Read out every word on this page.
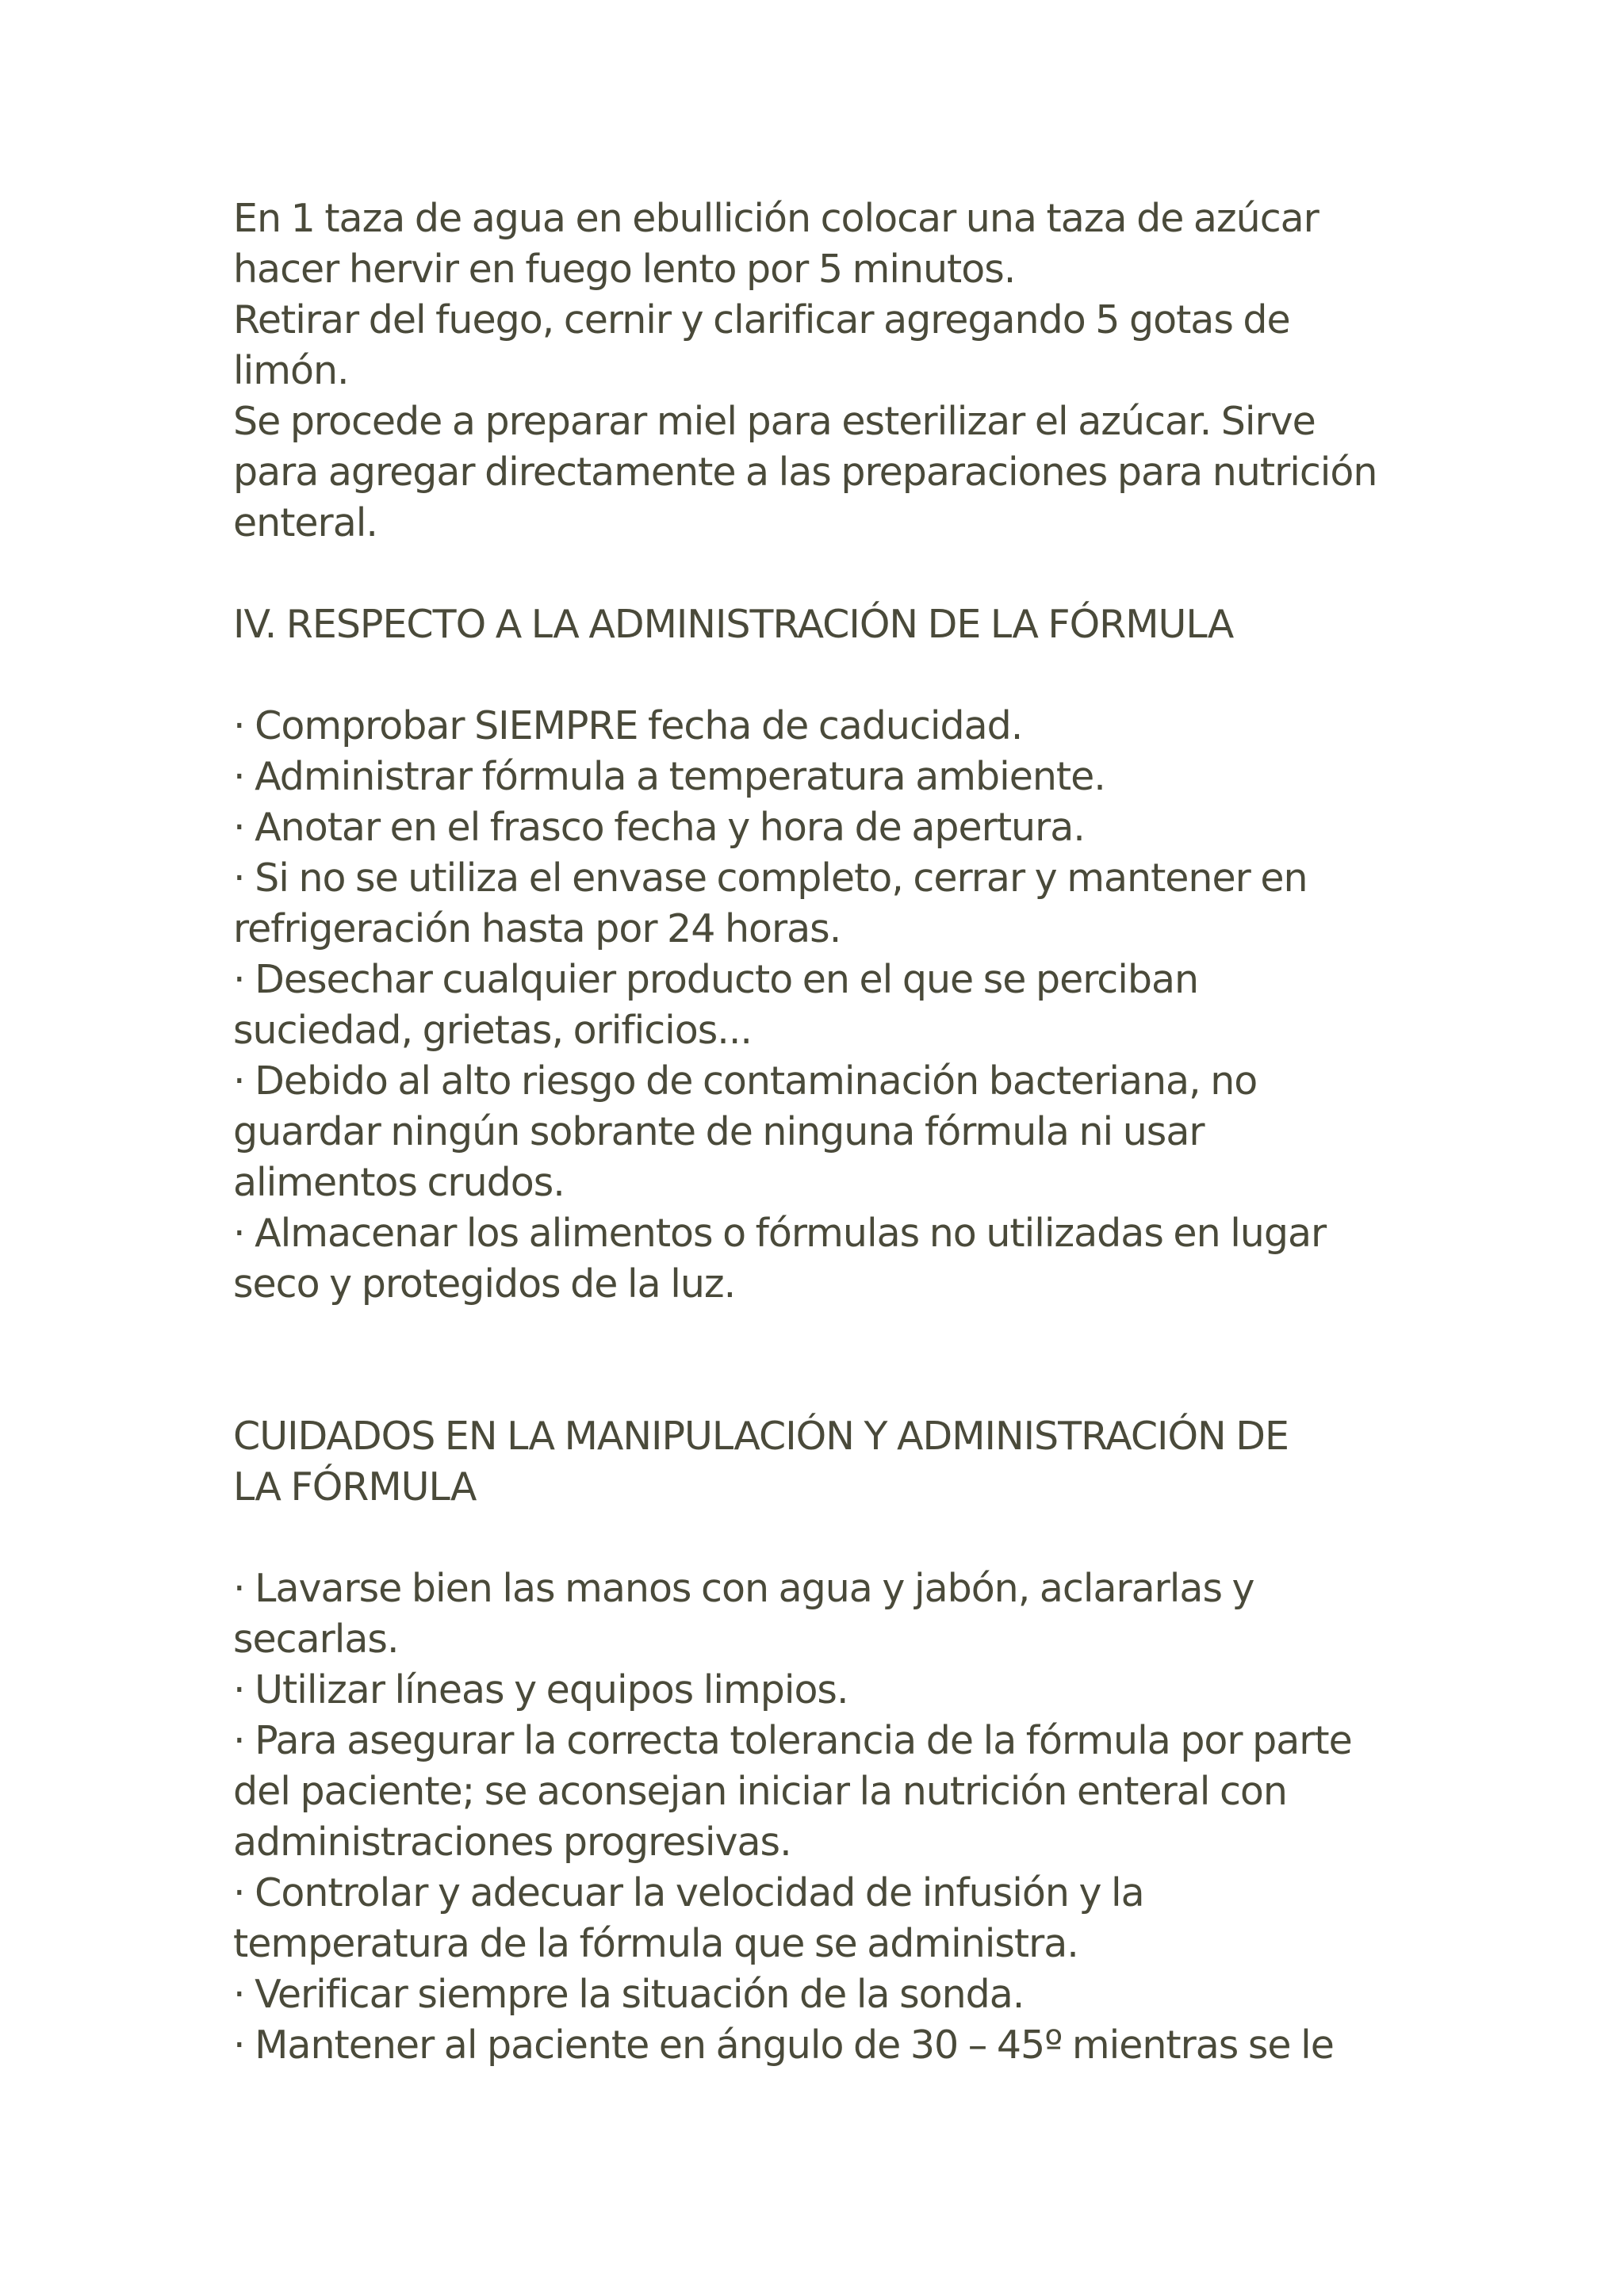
En 1 taza de agua en ebullición colocar una taza de azúcar
hacer hervir en fuego lento por 5 minutos.
Retirar del fuego, cernir y clarificar agregando 5 gotas de
limón.
Se procede a preparar miel para esterilizar el azúcar. Sirve
para agregar directamente a las preparaciones para nutrición
enteral.
IV. RESPECTO A LA ADMINISTRACIÓN DE LA FÓRMULA
· Comprobar SIEMPRE fecha de caducidad.
· Administrar fórmula a temperatura ambiente.
· Anotar en el frasco fecha y hora de apertura.
· Si no se utiliza el envase completo, cerrar y mantener en
refrigeración hasta por 24 horas.
· Desechar cualquier producto en el que se perciban
suciedad, grietas, orificios...
· Debido al alto riesgo de contaminación bacteriana, no
guardar ningún sobrante de ninguna fórmula ni usar
alimentos crudos.
· Almacenar los alimentos o fórmulas no utilizadas en lugar
seco y protegidos de la luz.
CUIDADOS EN LA MANIPULACIÓN Y ADMINISTRACIÓN DE
LA FÓRMULA
· Lavarse bien las manos con agua y jabón, aclararlas y
secarlas.
· Utilizar líneas y equipos limpios.
· Para asegurar la correcta tolerancia de la fórmula por parte
del paciente; se aconsejan iniciar la nutrición enteral con
administraciones progresivas.
· Controlar y adecuar la velocidad de infusión y la
temperatura de la fórmula que se administra.
· Verificar siempre la situación de la sonda.
· Mantener al paciente en ángulo de 30 – 45º mientras se le
